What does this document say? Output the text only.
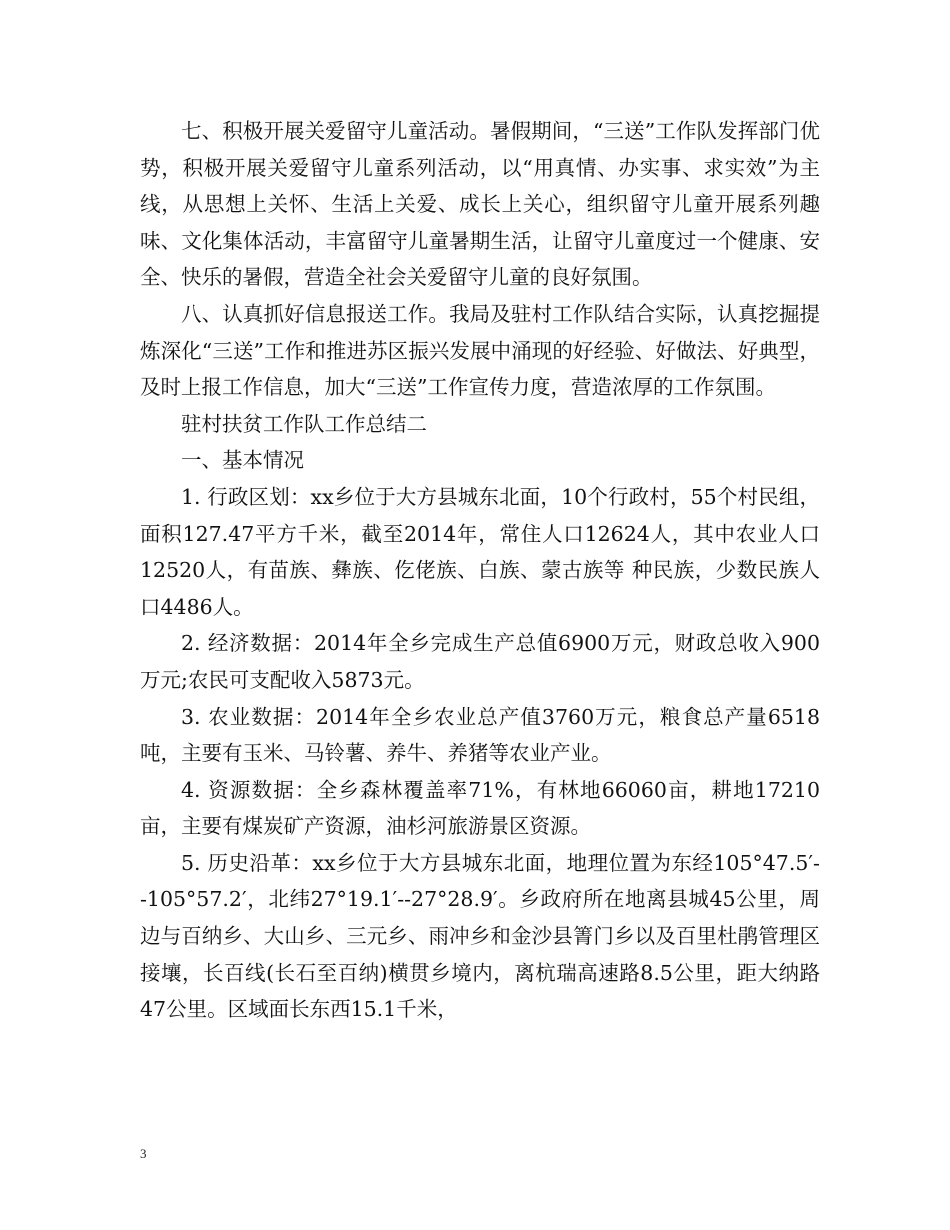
七、积极开展关爱留守儿童活动。暑假期间，“三送”工作队发挥部门优势，积极开展关爱留守儿童系列活动，以“用真情、办实事、求实效”为主线，从思想上关怀、生活上关爱、成长上关心，组织留守儿童开展系列趣味、文化集体活动，丰富留守儿童暑期生活，让留守儿童度过一个健康、安全、快乐的暑假，营造全社会关爱留守儿童的良好氛围。

八、认真抓好信息报送工作。我局及驻村工作队结合实际，认真挖掘提炼深化“三送”工作和推进苏区振兴发展中涌现的好经验、好做法、好典型，及时上报工作信息，加大“三送”工作宣传力度，营造浓厚的工作氛围。

驻村扶贫工作队工作总结二

一、基本情况

1. 行政区划：xx乡位于大方县城东北面，10个行政村，55个村民组，面积127.47平方千米，截至2014年，常住人口12624人，其中农业人口12520人，有苗族、彝族、仡佬族、白族、蒙古族等 种民族，少数民族人口4486人。

2. 经济数据：2014年全乡完成生产总值6900万元，财政总收入900万元;农民可支配收入5873元。

3. 农业数据：2014年全乡农业总产值3760万元，粮食总产量6518吨，主要有玉米、马铃薯、养牛、养猪等农业产业。

4. 资源数据：全乡森林覆盖率71%，有林地66060亩，耕地17210亩，主要有煤炭矿产资源，油杉河旅游景区资源。

5. 历史沿革：xx乡位于大方县城东北面，地理位置为东经105°47.5′--105°57.2′，北纬27°19.1′--27°28.9′。乡政府所在地离县城45公里，周边与百纳乡、大山乡、三元乡、雨冲乡和金沙县箐门乡以及百里杜鹃管理区接壤，长百线(长石至百纳)横贯乡境内，离杭瑞高速路8.5公里，距大纳路47公里。区域面长东西15.1千米，

3
